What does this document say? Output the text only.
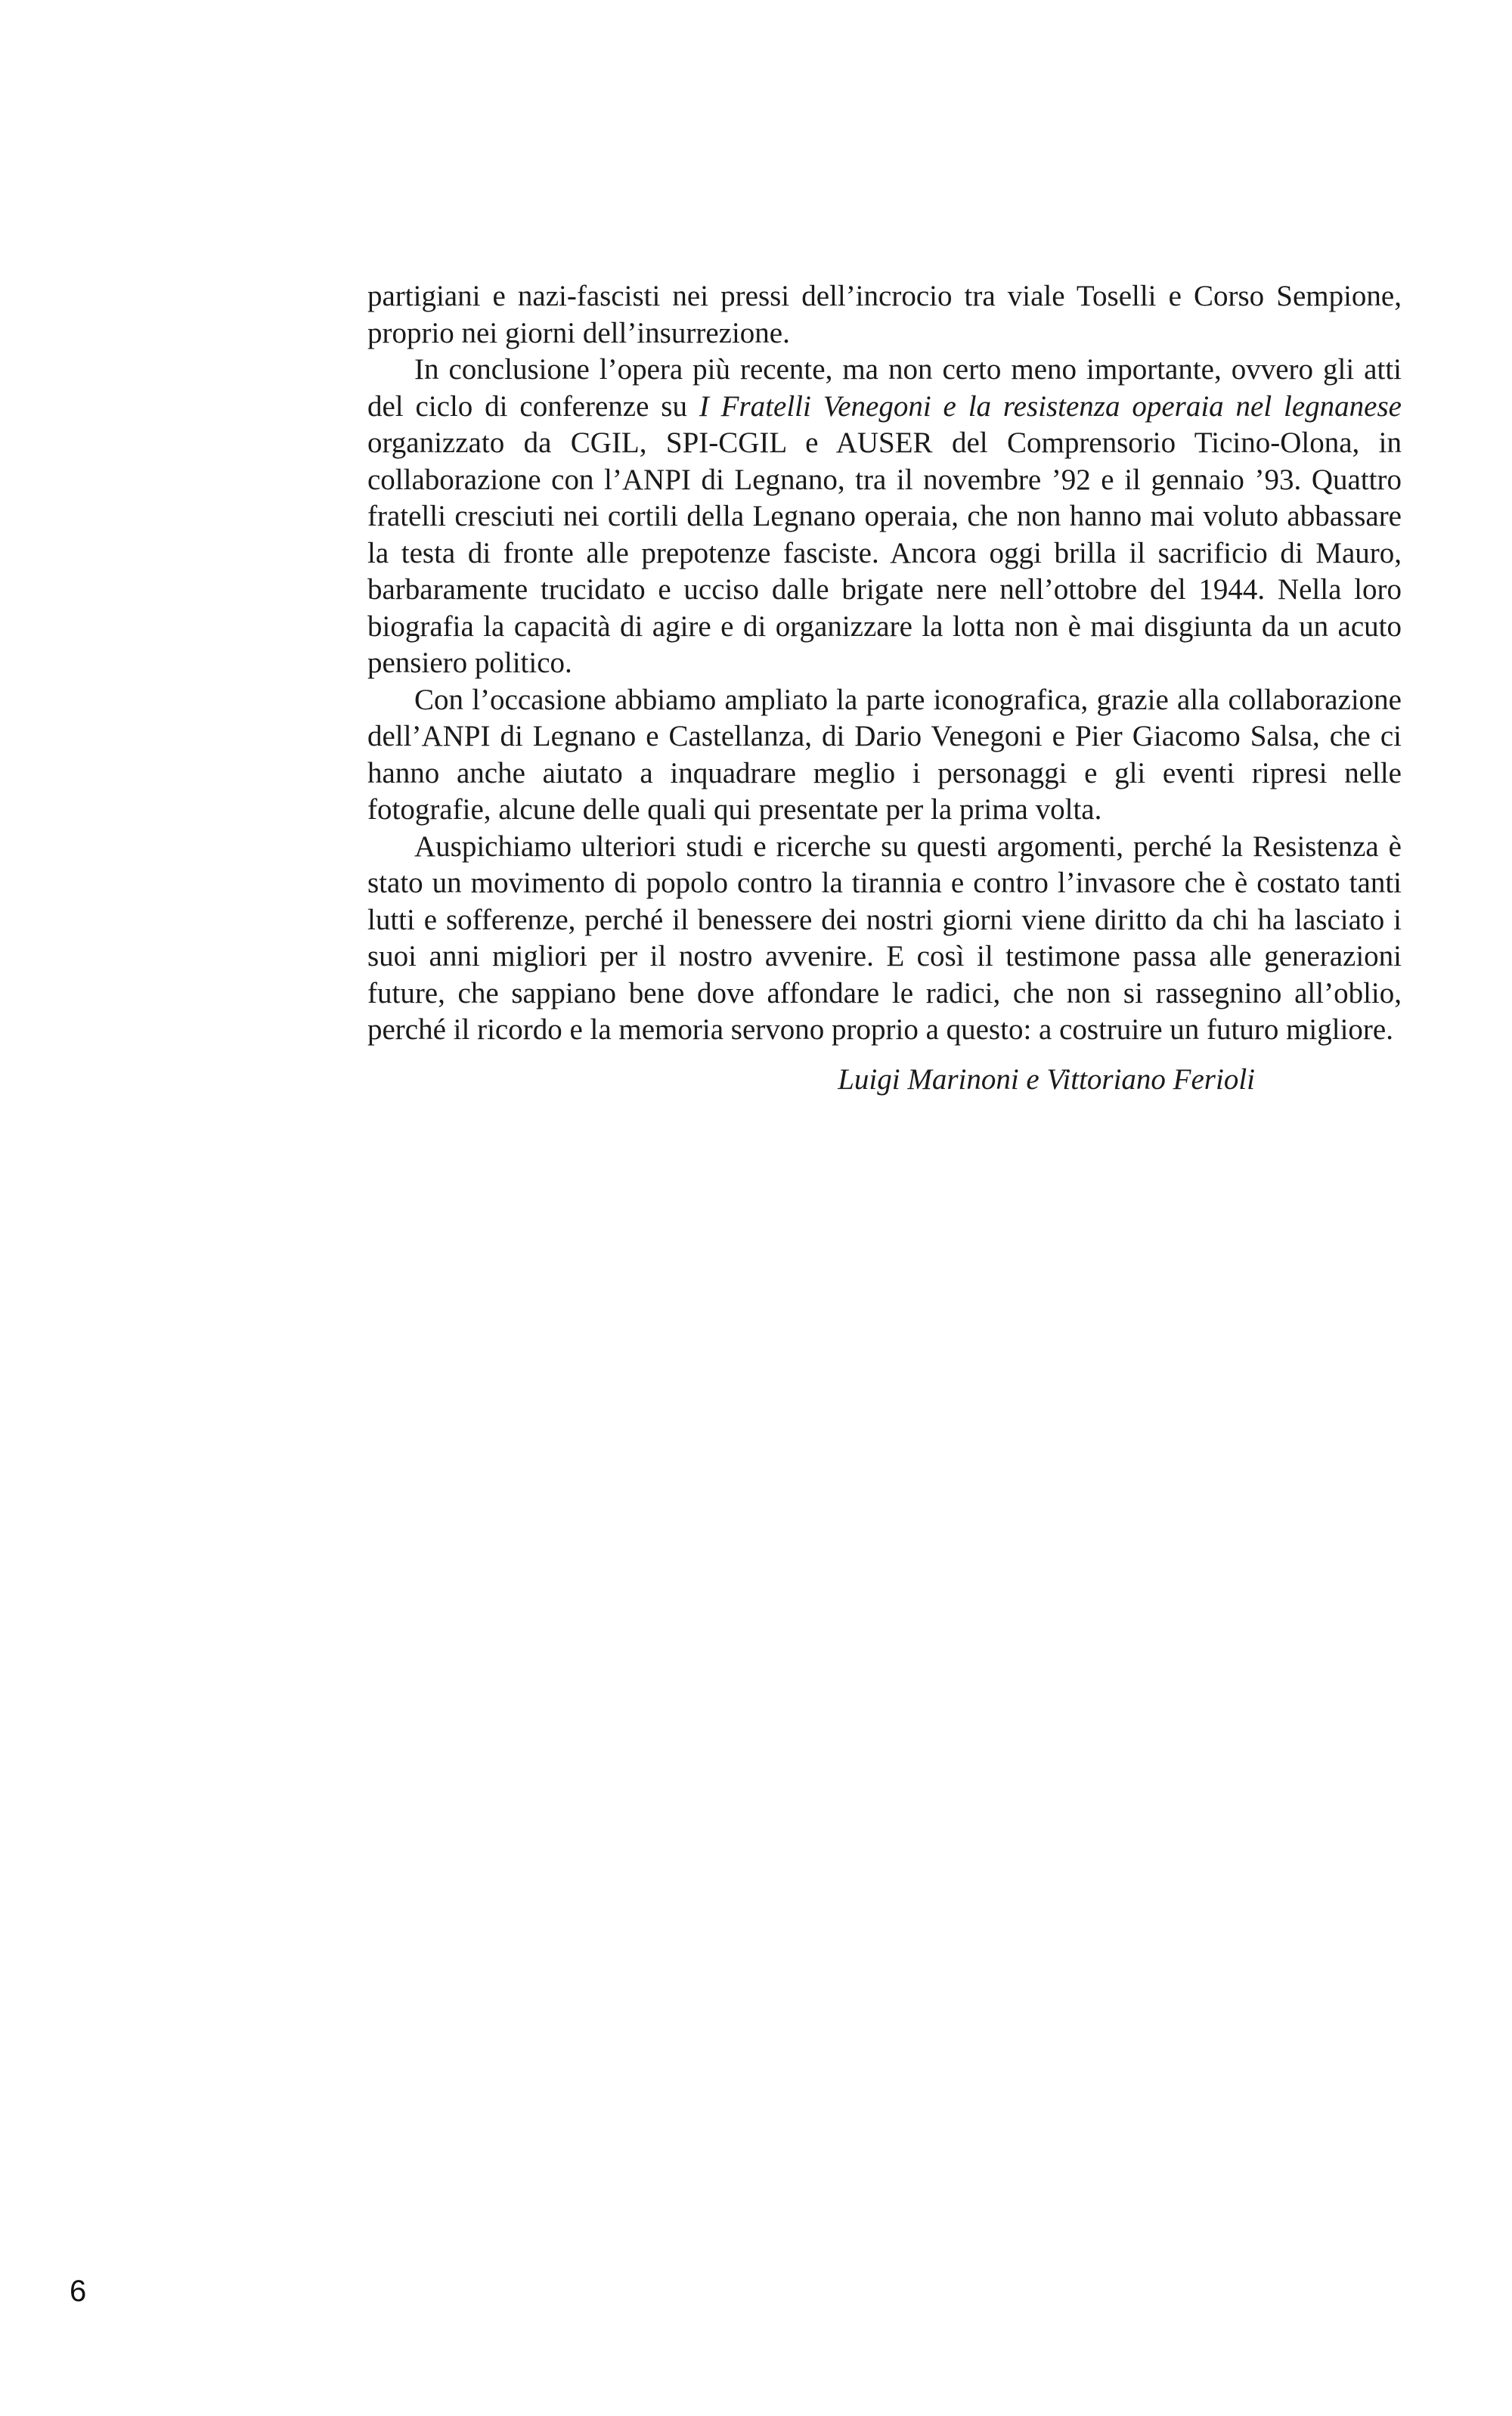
partigiani e nazi-fascisti nei pressi dell’incrocio tra viale Toselli e Corso Sempione, proprio nei giorni dell’insurrezione.

In conclusione l’opera più recente, ma non certo meno importante, ovvero gli atti del ciclo di conferenze su I Fratelli Venegoni e la resistenza operaia nel legnanese organizzato da CGIL, SPI-CGIL e AUSER del Comprensorio Ticino-Olona, in collaborazione con l’ANPI di Legnano, tra il novembre ’92 e il gennaio ’93. Quattro fratelli cresciuti nei cortili della Legnano operaia, che non hanno mai voluto abbassare la testa di fronte alle prepotenze fasciste. Ancora oggi brilla il sacrificio di Mauro, barbaramente trucidato e ucciso dalle brigate nere nell’ottobre del 1944. Nella loro biografia la capacità di agire e di organizzare la lotta non è mai disgiunta da un acuto pensiero politico.

Con l’occasione abbiamo ampliato la parte iconografica, grazie alla collaborazione dell’ANPI di Legnano e Castellanza, di Dario Venegoni e Pier Giacomo Salsa, che ci hanno anche aiutato a inquadrare meglio i personaggi e gli eventi ripresi nelle fotografie, alcune delle quali qui presentate per la prima volta.

Auspichiamo ulteriori studi e ricerche su questi argomenti, perché la Resistenza è stato un movimento di popolo contro la tirannia e contro l’invasore che è costato tanti lutti e sofferenze, perché il benessere dei nostri giorni viene diritto da chi ha lasciato i suoi anni migliori per il nostro avvenire. E così il testimone passa alle generazioni future, che sappiano bene dove affondare le radici, che non si rassegnino all’oblio, perché il ricordo e la memoria servono proprio a questo: a costruire un futuro migliore.

Luigi Marinoni e Vittoriano Ferioli
6
